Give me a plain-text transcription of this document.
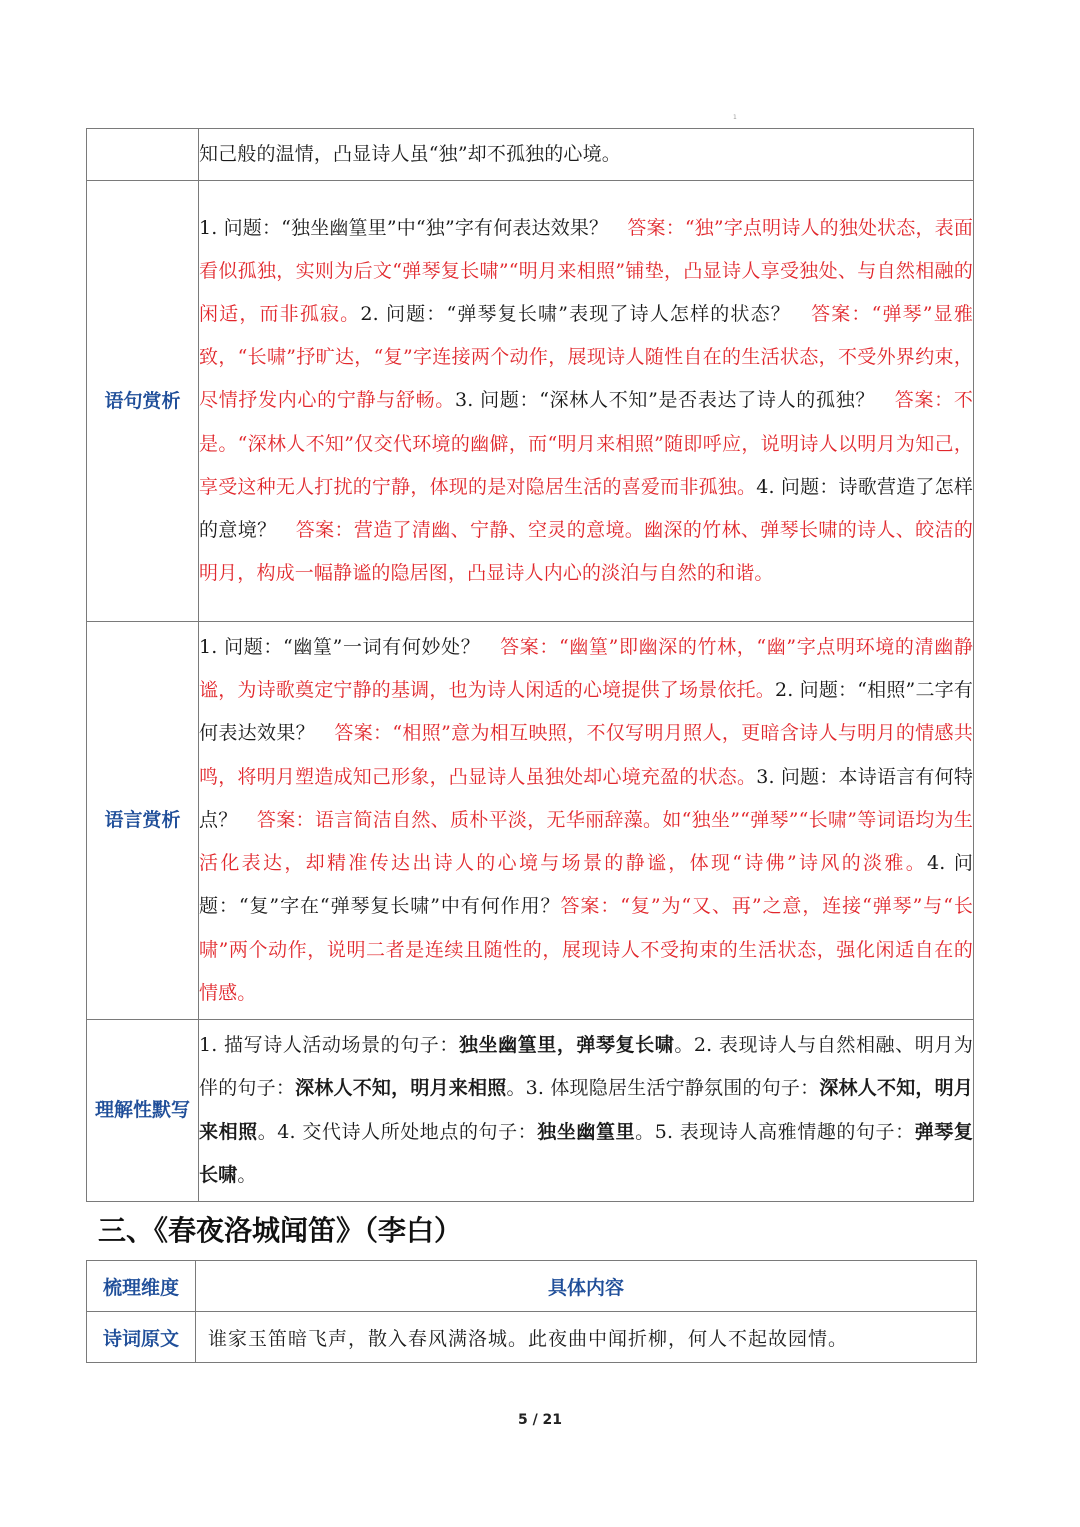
1
	知己般的温情，凸显诗人虽“独”却不孤独的心境。
语句赏析	1. 问题：“独坐幽篁里”中“独”字有何表达效果？　答案：“独”字点明诗人的独处状态，表面看似孤独，实则为后文“弹琴复长啸”“明月来相照”铺垫，凸显诗人享受独处、与自然相融的闲适，而非孤寂。2. 问题：“弹琴复长啸”表现了诗人怎样的状态？　答案：“弹琴”显雅致，“长啸”抒旷达，“复”字连接两个动作，展现诗人随性自在的生活状态，不受外界约束，尽情抒发内心的宁静与舒畅。3. 问题：“深林人不知”是否表达了诗人的孤独？　答案：不是。“深林人不知”仅交代环境的幽僻，而“明月来相照”随即呼应，说明诗人以明月为知己，享受这种无人打扰的宁静，体现的是对隐居生活的喜爱而非孤独。4. 问题：诗歌营造了怎样的意境？　答案：营造了清幽、宁静、空灵的意境。幽深的竹林、弹琴长啸的诗人、皎洁的明月，构成一幅静谧的隐居图，凸显诗人内心的淡泊与自然的和谐。
语言赏析	1. 问题：“幽篁”一词有何妙处？　答案：“幽篁”即幽深的竹林，“幽”字点明环境的清幽静谧，为诗歌奠定宁静的基调，也为诗人闲适的心境提供了场景依托。2. 问题：“相照”二字有何表达效果？　答案：“相照”意为相互映照，不仅写明月照人，更暗含诗人与明月的情感共鸣，将明月塑造成知己形象，凸显诗人虽独处却心境充盈的状态。3. 问题：本诗语言有何特点？　答案：语言简洁自然、质朴平淡，无华丽辞藻。如“独坐”“弹琴”“长啸”等词语均为生活化表达，却精准传达出诗人的心境与场景的静谧，体现“诗佛”诗风的淡雅。4. 问题：“复”字在“弹琴复长啸”中有何作用？答案：“复”为“又、再”之意，连接“弹琴”与“长啸”两个动作，说明二者是连续且随性的，展现诗人不受拘束的生活状态，强化闲适自在的情感。
理解性默写	1. 描写诗人活动场景的句子：独坐幽篁里，弹琴复长啸。2. 表现诗人与自然相融、明月为伴的句子：深林人不知，明月来相照。3. 体现隐居生活宁静氛围的句子：深林人不知，明月来相照。4. 交代诗人所处地点的句子：独坐幽篁里。5. 表现诗人高雅情趣的句子：弹琴复长啸。
三、《春夜洛城闻笛》（李白）
梳理维度	具体内容
诗词原文	谁家玉笛暗飞声，散入春风满洛城。此夜曲中闻折柳，何人不起故园情。
5 / 21
